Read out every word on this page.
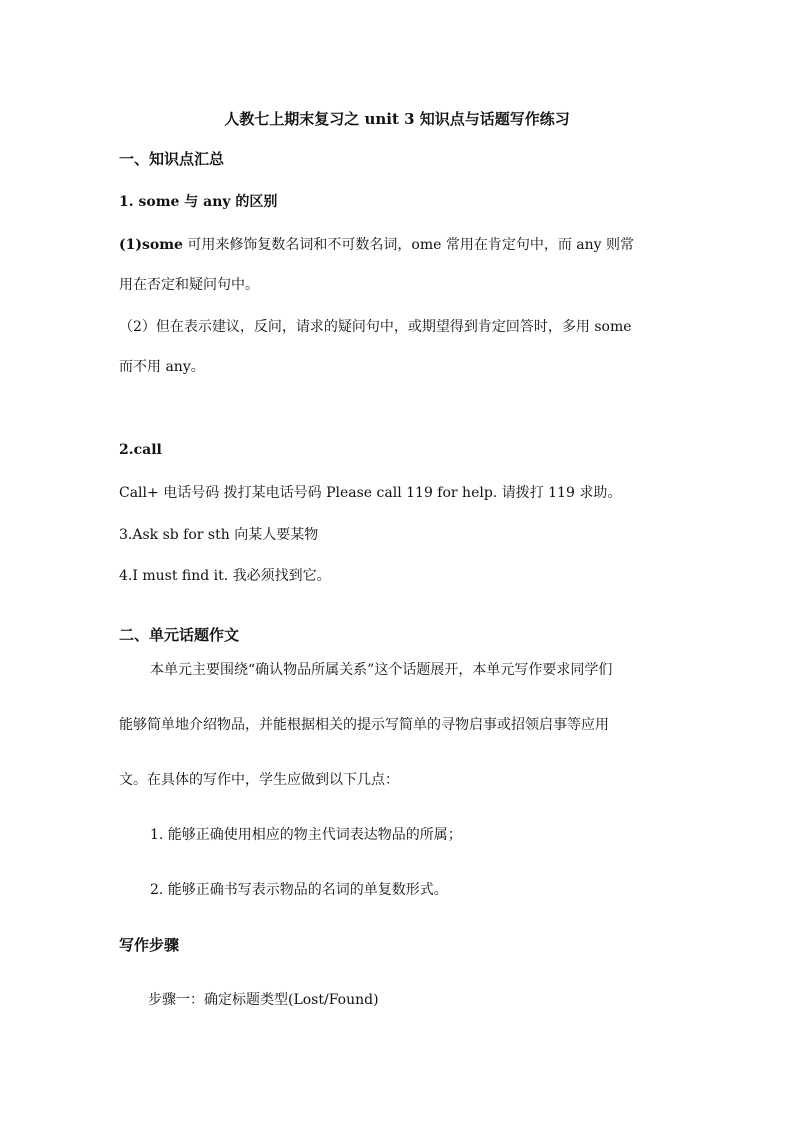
人教七上期末复习之 unit 3 知识点与话题写作练习
一、知识点汇总
1. some 与 any 的区别
(1)some 可用来修饰复数名词和不可数名词，ome 常用在肯定句中，而 any 则常
用在否定和疑问句中。
（2）但在表示建议，反问，请求的疑问句中，或期望得到肯定回答时，多用 some
而不用 any。
2.call
Call+ 电话号码 拨打某电话号码 Please call 119 for help. 请拨打 119 求助。
3.Ask sb for sth 向某人要某物
4.I must find it. 我必须找到它。
二、单元话题作文
本单元主要围绕“确认物品所属关系”这个话题展开，本单元写作要求同学们
能够简单地介绍物品，并能根据相关的提示写简单的寻物启事或招领启事等应用
文。在具体的写作中，学生应做到以下几点：
1. 能够正确使用相应的物主代词表达物品的所属；
2. 能够正确书写表示物品的名词的单复数形式。
写作步骤
步骤一：确定标题类型(Lost/Found)
